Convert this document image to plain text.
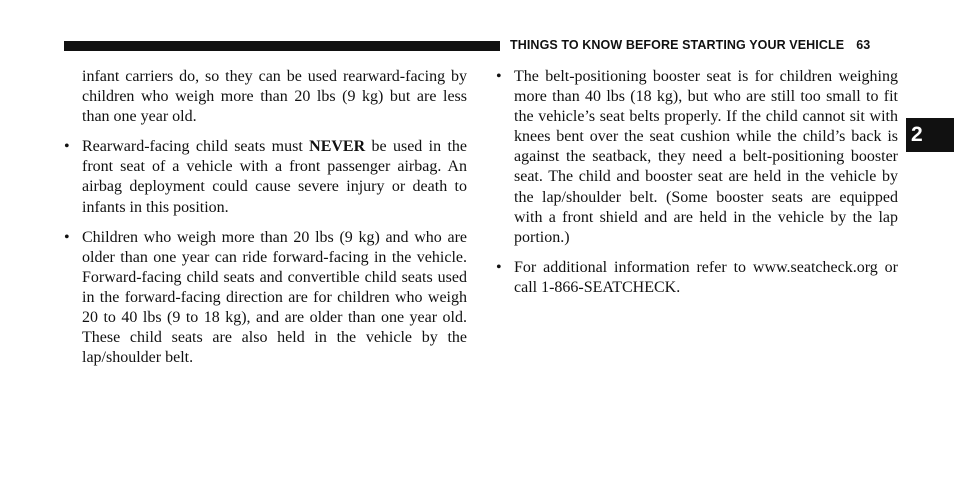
THINGS TO KNOW BEFORE STARTING YOUR VEHICLE 63
2

infant carriers do, so they can be used rearward-facing by children who weigh more than 20 lbs (9 kg) but are less than one year old.

• Rearward-facing child seats must NEVER be used in the front seat of a vehicle with a front passenger airbag. An airbag deployment could cause severe injury or death to infants in this position.

• Children who weigh more than 20 lbs (9 kg) and who are older than one year can ride forward-facing in the vehicle. Forward-facing child seats and convertible child seats used in the forward-facing direction are for children who weigh 20 to 40 lbs (9 to 18 kg), and are older than one year old. These child seats are also held in the vehicle by the lap/shoulder belt.

• The belt-positioning booster seat is for children weighing more than 40 lbs (18 kg), but who are still too small to fit the vehicle’s seat belts properly. If the child cannot sit with knees bent over the seat cushion while the child’s back is against the seatback, they need a belt-positioning booster seat. The child and booster seat are held in the vehicle by the lap/shoulder belt. (Some booster seats are equipped with a front shield and are held in the vehicle by the lap portion.)

• For additional information refer to www.seatcheck.org or call 1-866-SEATCHECK.
